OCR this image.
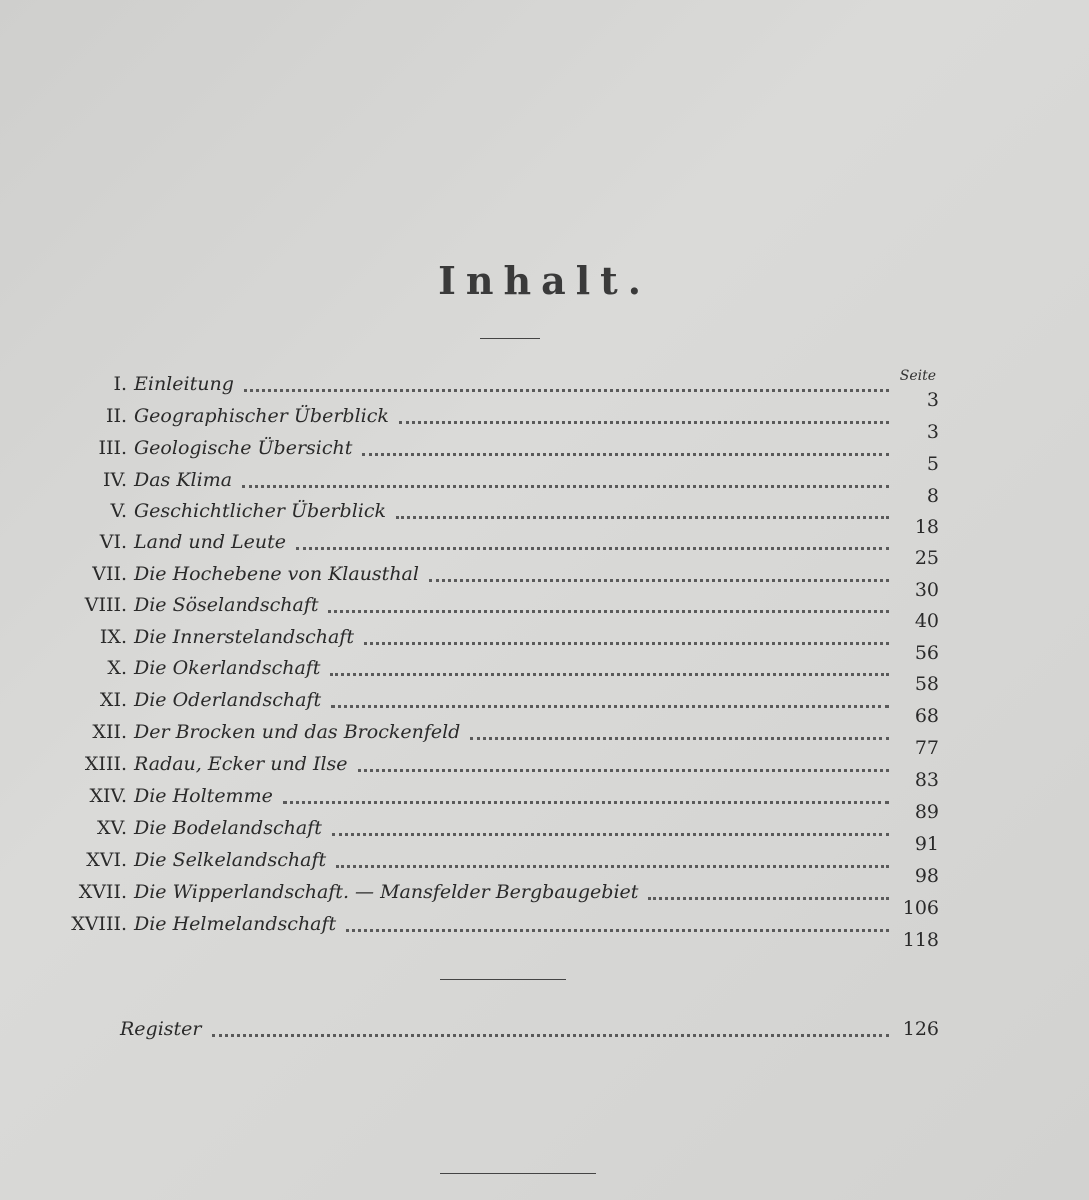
Inhalt.
Seite
I. Einleitung
3
II. Geographischer Überblick
3
III. Geologische Übersicht
5
IV. Das Klima
8
V. Geschichtlicher Überblick
18
VI. Land und Leute
25
VII. Die Hochebene von Klausthal
30
VIII. Die Söselandschaft
40
IX. Die Innerstelandschaft
56
X. Die Okerlandschaft
58
XI. Die Oderlandschaft
68
XII. Der Brocken und das Brockenfeld
77
XIII. Radau, Ecker und Ilse
83
XIV. Die Holtemme
89
XV. Die Bodelandschaft
91
XVI. Die Selkelandschaft
98
XVII. Die Wipperlandschaft. — Mansfelder Bergbaugebiet
106
XVIII. Die Helmelandschaft
118
Register	126
